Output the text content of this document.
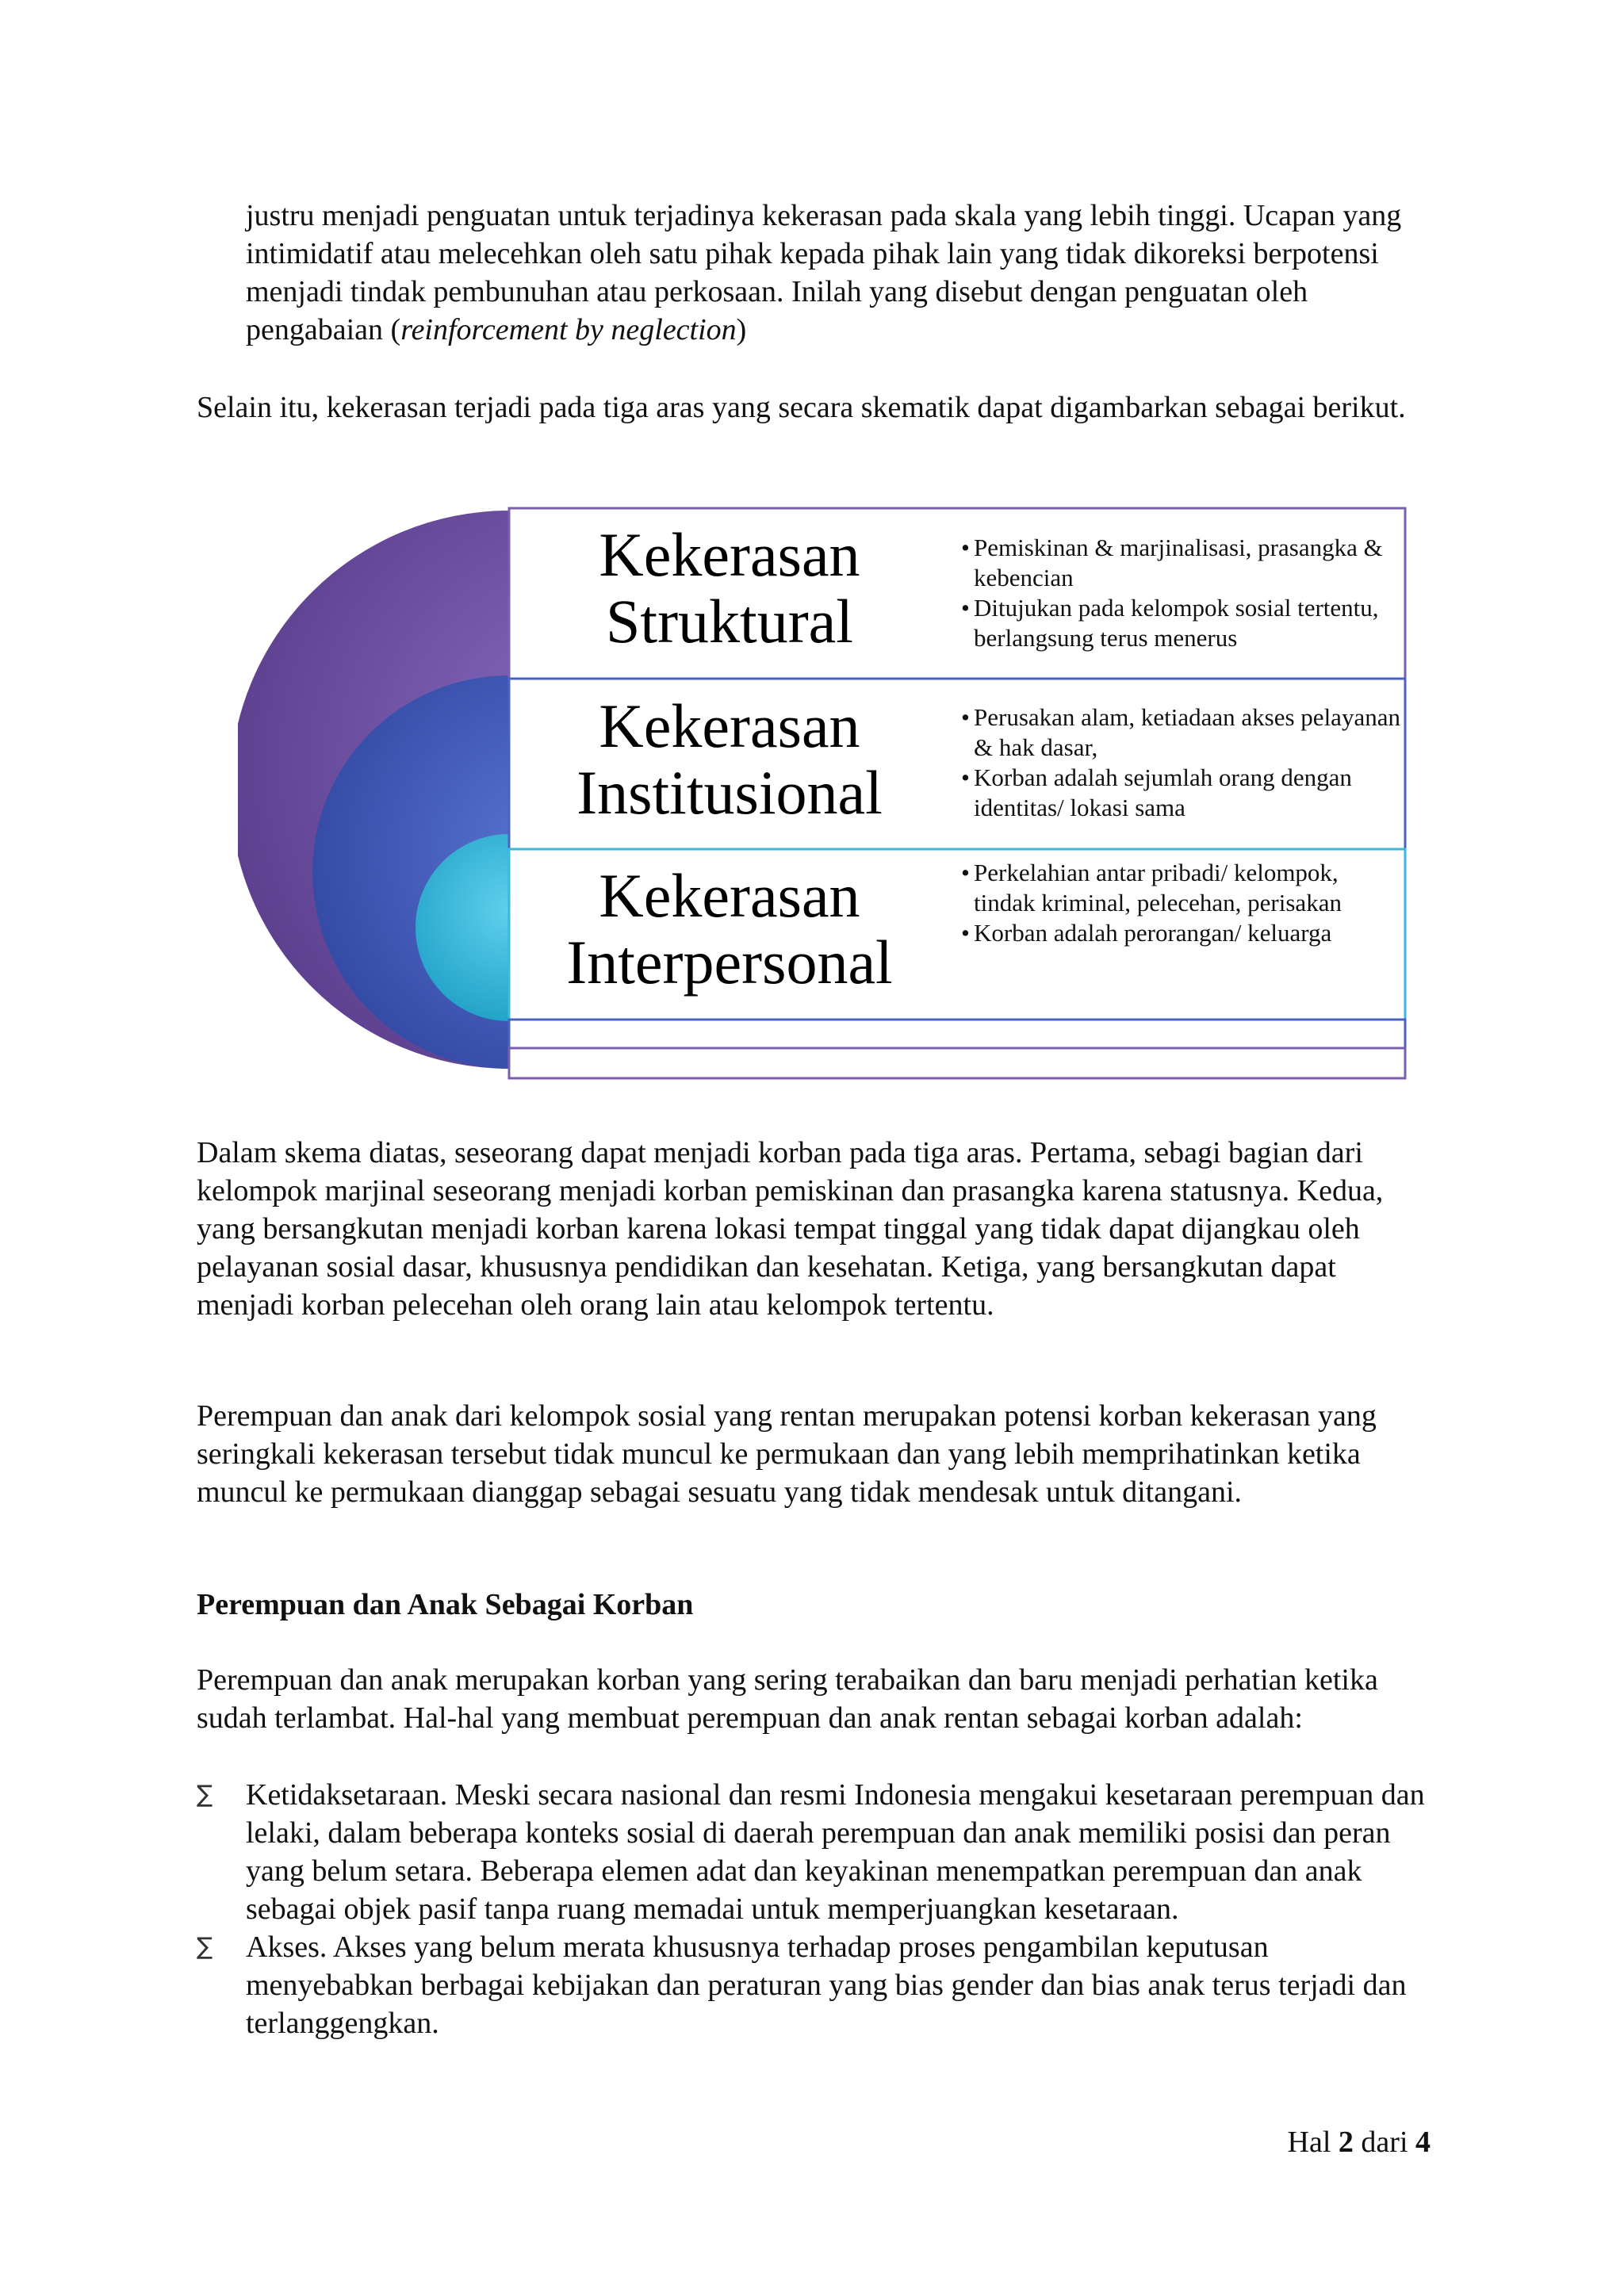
justru menjadi penguatan untuk terjadinya kekerasan pada skala yang lebih tinggi. Ucapan yang intimidatif atau melecehkan oleh satu pihak kepada pihak lain yang tidak dikoreksi berpotensi menjadi tindak pembunuhan atau perkosaan. Inilah yang disebut dengan penguatan oleh pengabaian (reinforcement by neglection)

Selain itu, kekerasan terjadi pada tiga aras yang secara skematik dapat digambarkan sebagai berikut.

Kekerasan
Struktural
• Pemiskinan & marjinalisasi, prasangka & kebencian
• Ditujukan pada kelompok sosial tertentu, berlangsung terus menerus
Kekerasan
Institusional
• Perusakan alam, ketiadaan akses pelayanan & hak dasar,
• Korban adalah sejumlah orang dengan identitas/ lokasi sama
Kekerasan
Interpersonal
• Perkelahian antar pribadi/ kelompok, tindak kriminal, pelecehan, perisakan
• Korban adalah perorangan/ keluarga

Dalam skema diatas, seseorang dapat menjadi korban pada tiga aras. Pertama, sebagi bagian dari kelompok marjinal seseorang menjadi korban pemiskinan dan prasangka karena statusnya. Kedua, yang bersangkutan menjadi korban karena lokasi tempat tinggal yang tidak dapat dijangkau oleh pelayanan sosial dasar, khususnya pendidikan dan kesehatan. Ketiga, yang bersangkutan dapat menjadi korban pelecehan oleh orang lain atau kelompok tertentu.

Perempuan dan anak dari kelompok sosial yang rentan merupakan potensi korban kekerasan yang seringkali kekerasan tersebut tidak muncul ke permukaan dan yang lebih memprihatinkan ketika muncul ke permukaan dianggap sebagai sesuatu yang tidak mendesak untuk ditangani.

Perempuan dan Anak Sebagai Korban

Perempuan dan anak merupakan korban yang sering terabaikan dan baru menjadi perhatian ketika sudah terlambat. Hal-hal yang membuat perempuan dan anak rentan sebagai korban adalah:

∑ Ketidaksetaraan. Meski secara nasional dan resmi Indonesia mengakui kesetaraan perempuan dan lelaki, dalam beberapa konteks sosial di daerah perempuan dan anak memiliki posisi dan peran yang belum setara. Beberapa elemen adat dan keyakinan menempatkan perempuan dan anak sebagai objek pasif tanpa ruang memadai untuk memperjuangkan kesetaraan.
∑ Akses. Akses yang belum merata khususnya terhadap proses pengambilan keputusan menyebabkan berbagai kebijakan dan peraturan yang bias gender dan bias anak terus terjadi dan terlanggengkan.
Hal 2 dari 4
